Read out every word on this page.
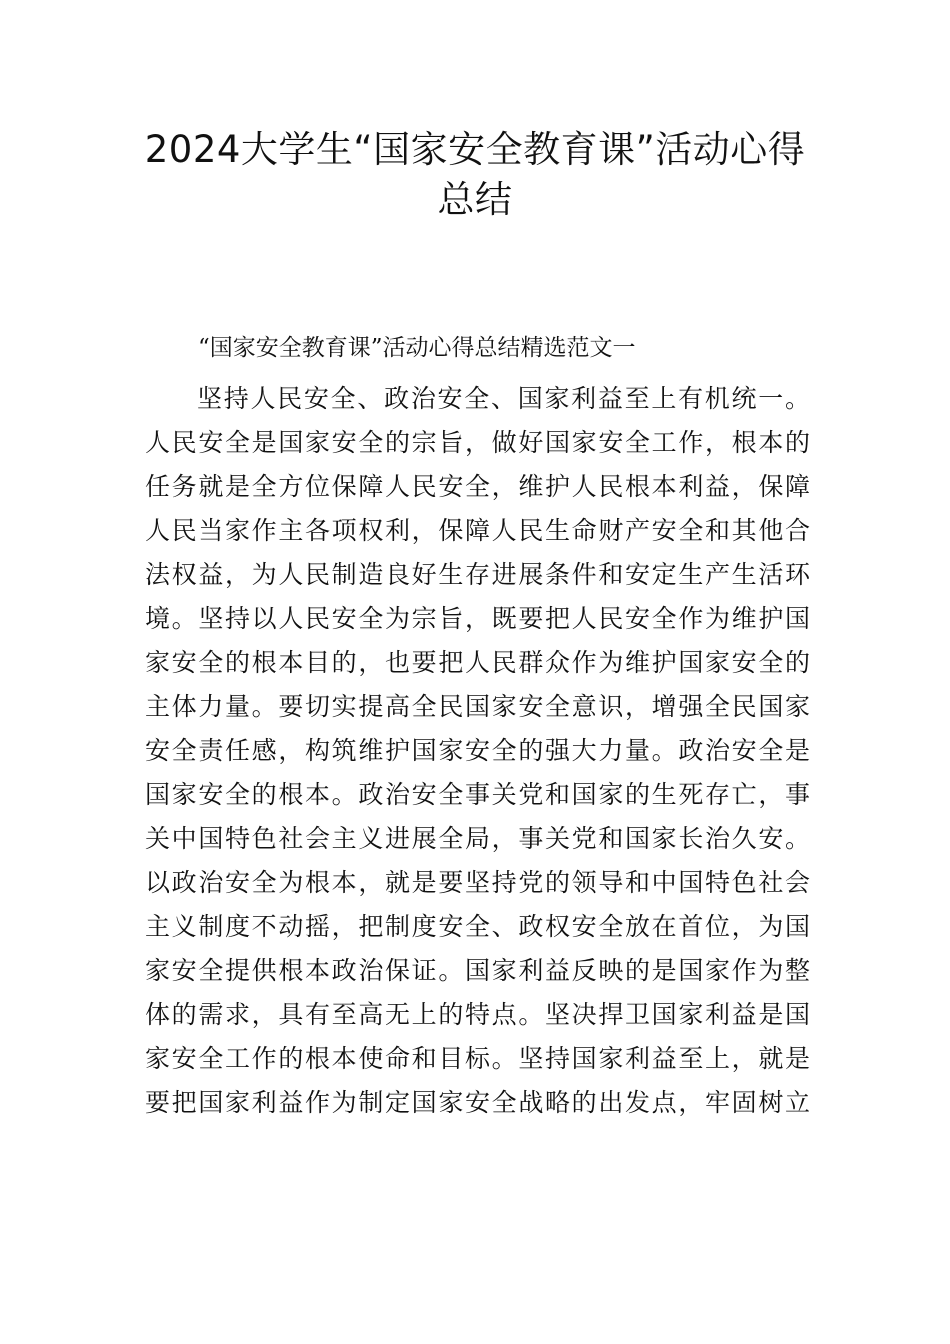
2024大学生“国家安全教育课”活动心得总结

“国家安全教育课”活动心得总结精选范文一

坚持人民安全、政治安全、国家利益至上有机统一。
人民安全是国家安全的宗旨，做好国家安全工作，根本的
任务就是全方位保障人民安全，维护人民根本利益，保障
人民当家作主各项权利，保障人民生命财产安全和其他合
法权益，为人民制造良好生存进展条件和安定生产生活环
境。坚持以人民安全为宗旨，既要把人民安全作为维护国
家安全的根本目的，也要把人民群众作为维护国家安全的
主体力量。要切实提高全民国家安全意识，增强全民国家
安全责任感，构筑维护国家安全的强大力量。政治安全是
国家安全的根本。政治安全事关党和国家的生死存亡，事
关中国特色社会主义进展全局，事关党和国家长治久安。
以政治安全为根本，就是要坚持党的领导和中国特色社会
主义制度不动摇，把制度安全、政权安全放在首位，为国
家安全提供根本政治保证。国家利益反映的是国家作为整
体的需求，具有至高无上的特点。坚决捍卫国家利益是国
家安全工作的根本使命和目标。坚持国家利益至上，就是
要把国家利益作为制定国家安全战略的出发点，牢固树立
